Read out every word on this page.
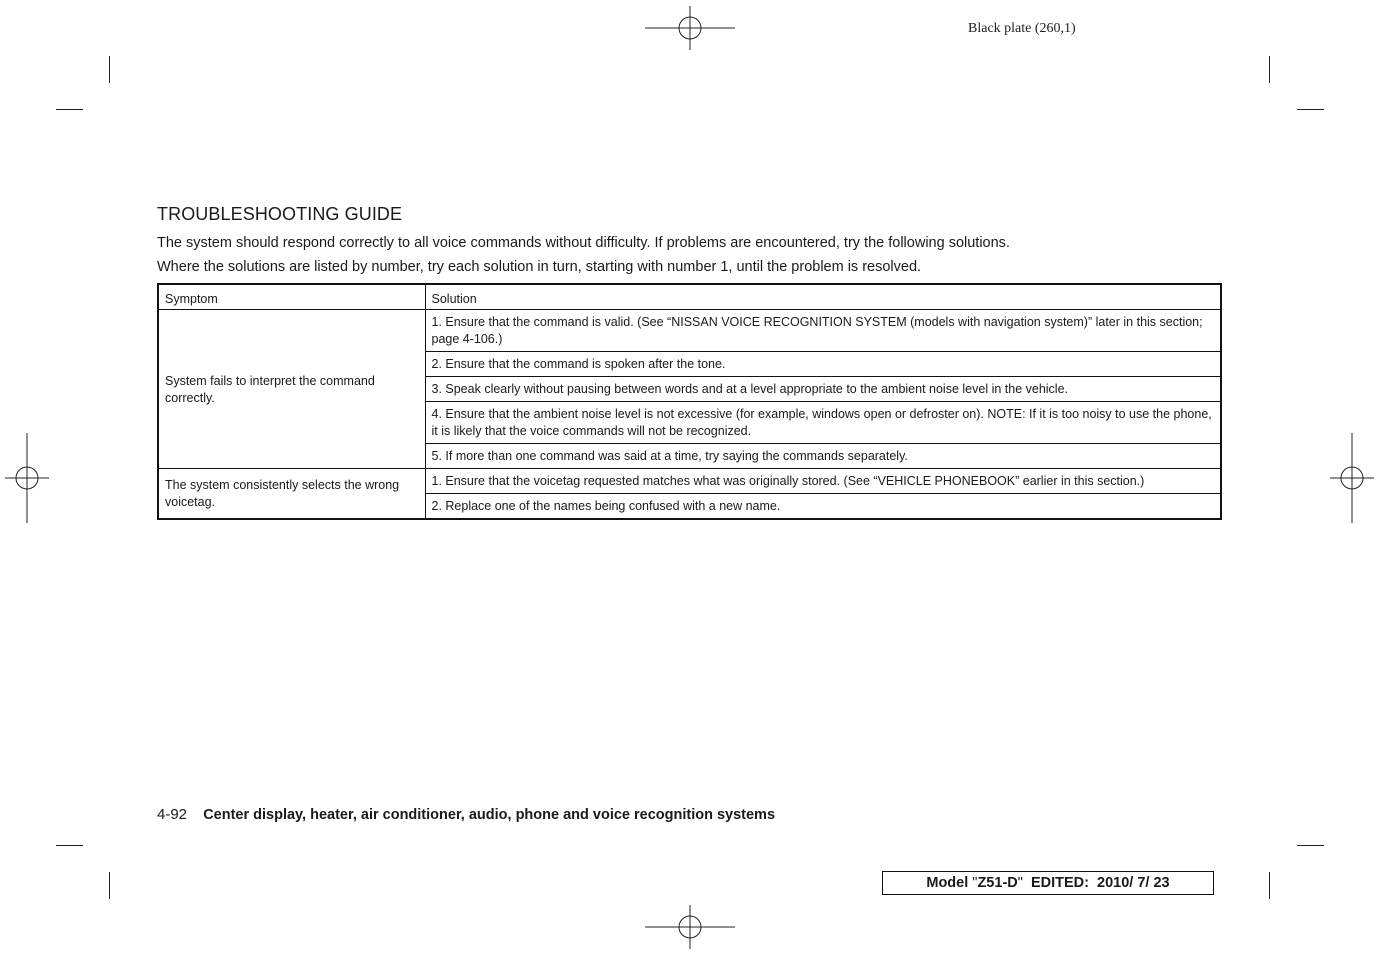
Black plate (260,1)
TROUBLESHOOTING GUIDE
The system should respond correctly to all voice commands without difficulty. If problems are encountered, try the following solutions.
Where the solutions are listed by number, try each solution in turn, starting with number 1, until the problem is resolved.
Symptom	Solution
System fails to interpret the command correctly.	1. Ensure that the command is valid. (See “NISSAN VOICE RECOGNITION SYSTEM (models with navigation system)” later in this section; page 4-106.)
	2. Ensure that the command is spoken after the tone.
	3. Speak clearly without pausing between words and at a level appropriate to the ambient noise level in the vehicle.
	4. Ensure that the ambient noise level is not excessive (for example, windows open or defroster on). NOTE: If it is too noisy to use the phone, it is likely that the voice commands will not be recognized.
	5. If more than one command was said at a time, try saying the commands separately.
The system consistently selects the wrong voicetag.	1. Ensure that the voicetag requested matches what was originally stored. (See “VEHICLE PHONEBOOK” earlier in this section.)
	2. Replace one of the names being confused with a new name.
4-92 Center display, heater, air conditioner, audio, phone and voice recognition systems
Model "Z51-D" EDITED: 2010/ 7/ 23
